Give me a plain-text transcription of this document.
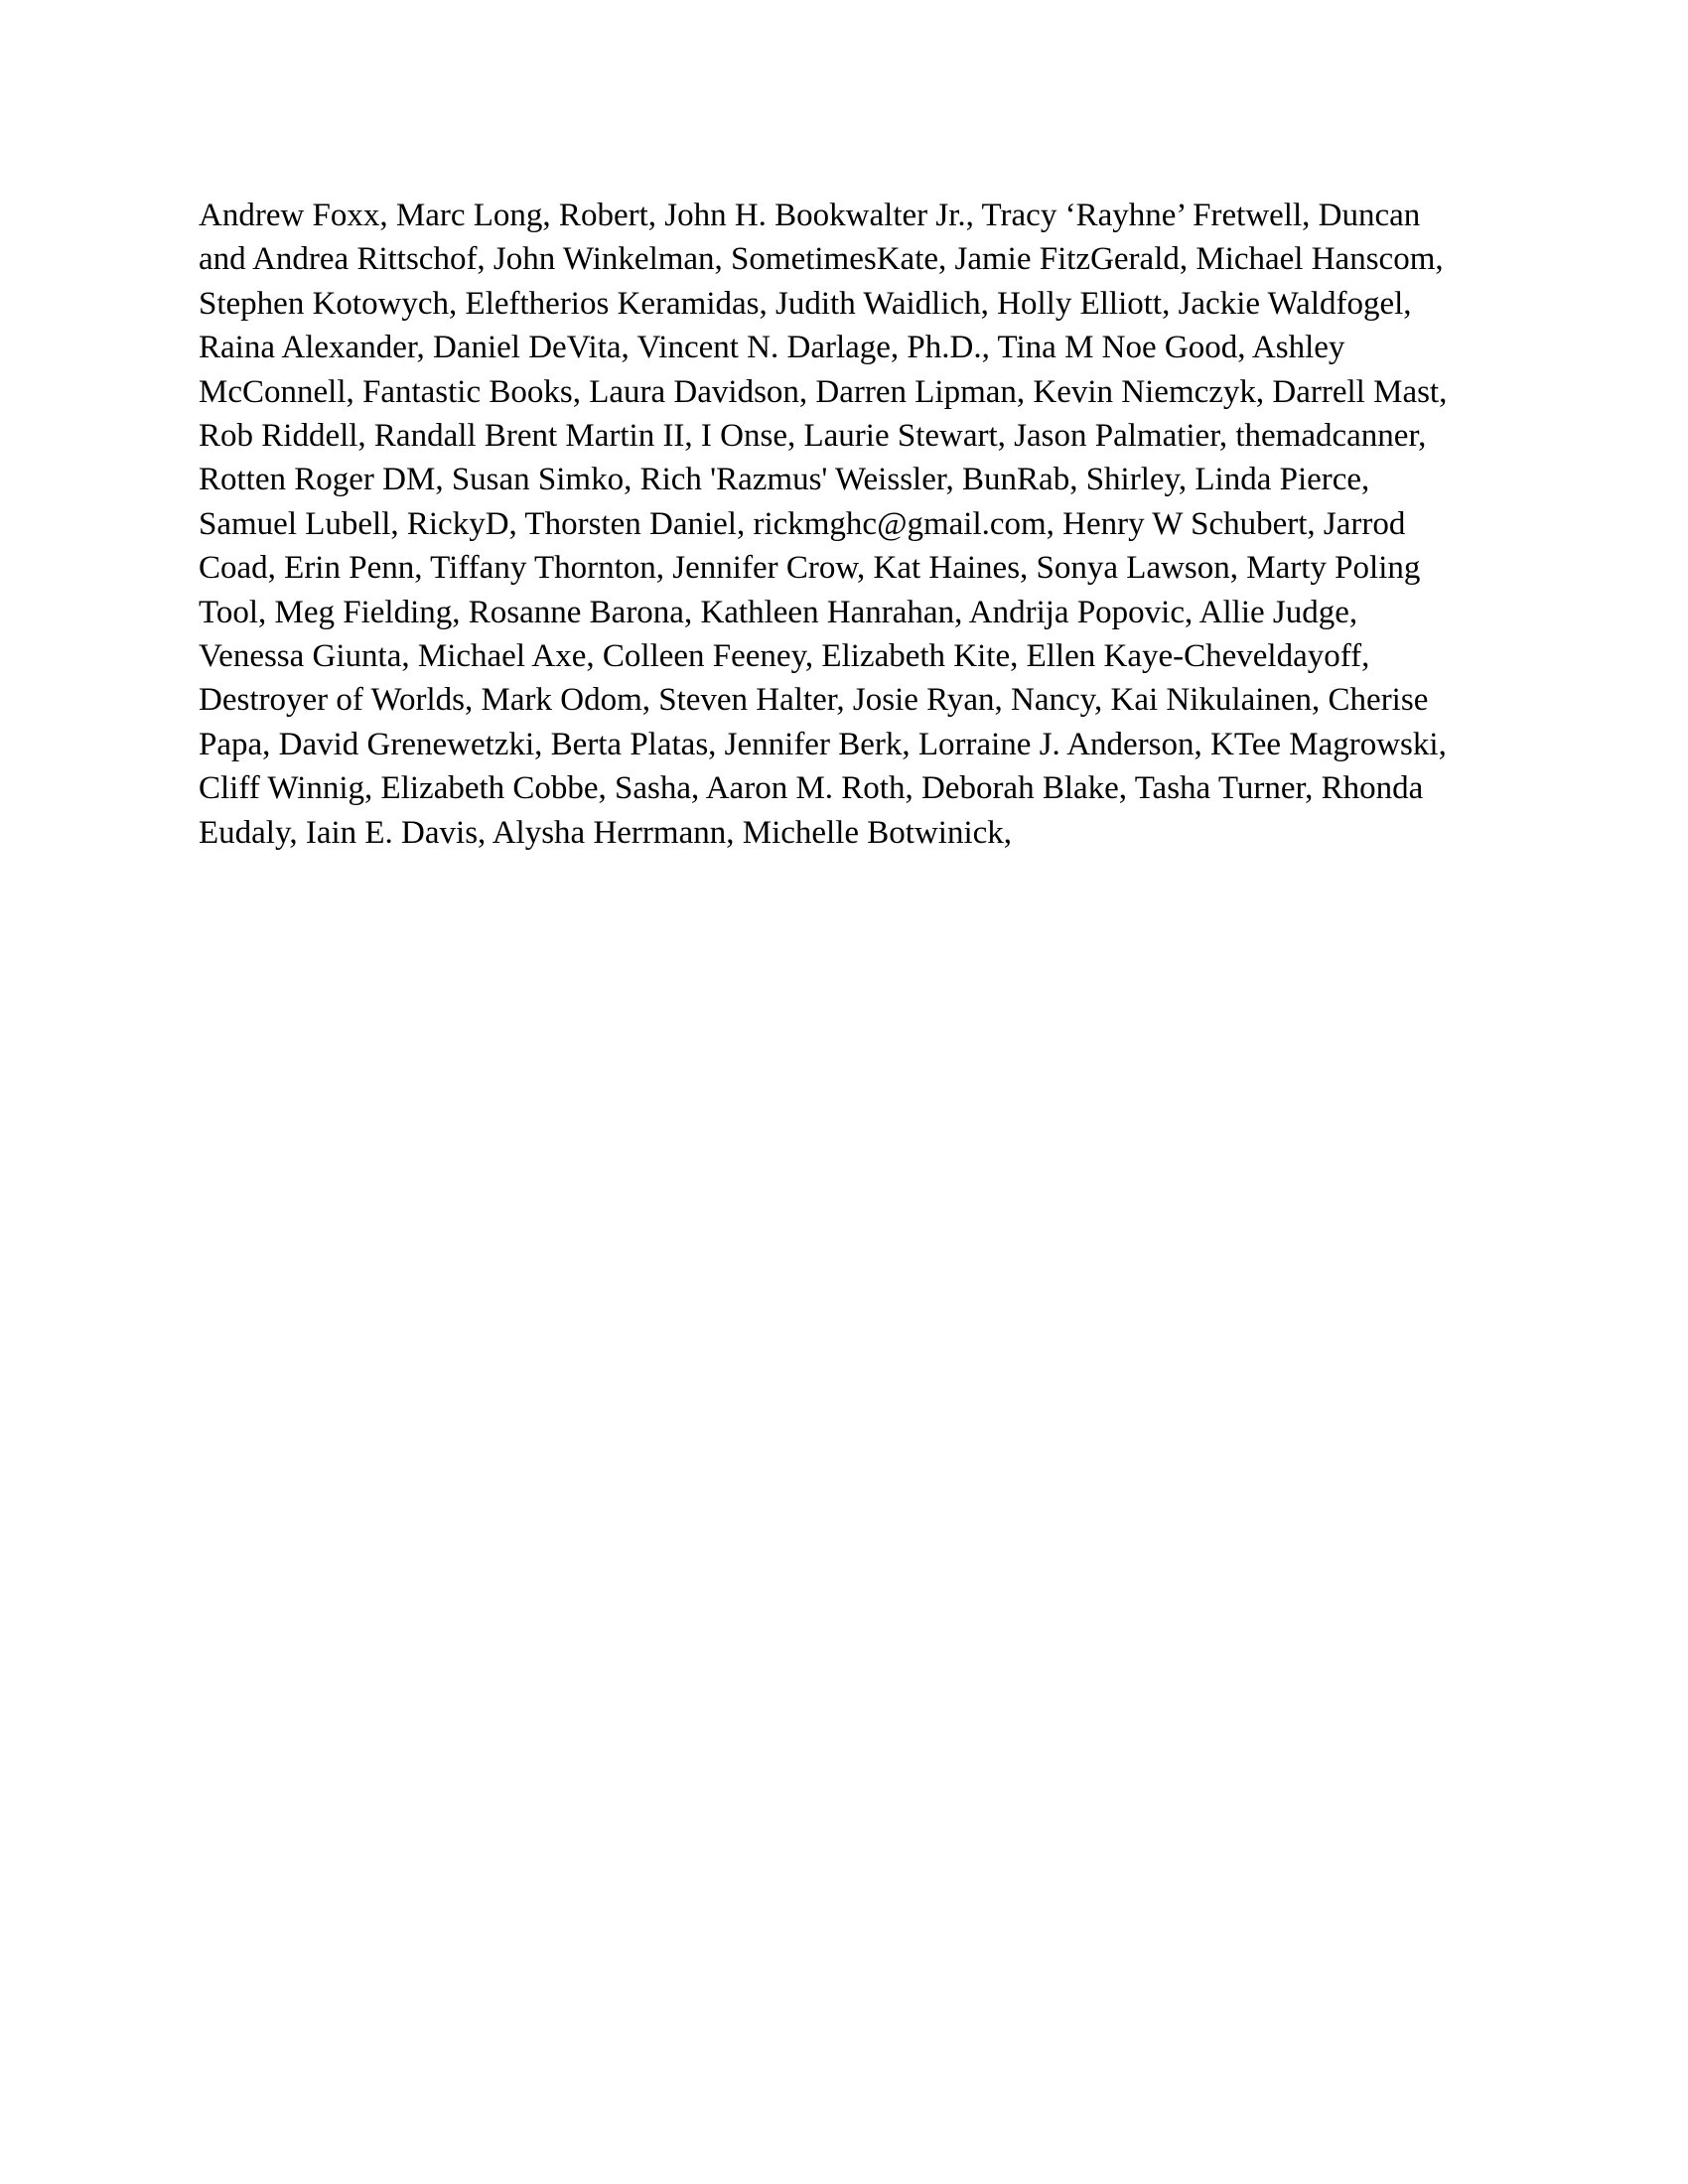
Andrew Foxx, Marc Long, Robert, John H. Bookwalter Jr., Tracy ‘Rayhne’ Fretwell, Duncan
and Andrea Rittschof, John Winkelman, SometimesKate, Jamie FitzGerald, Michael Hanscom,
Stephen Kotowych, Eleftherios Keramidas, Judith Waidlich, Holly Elliott, Jackie Waldfogel,
Raina Alexander, Daniel DeVita, Vincent N. Darlage, Ph.D., Tina M Noe Good, Ashley
McConnell, Fantastic Books, Laura Davidson, Darren Lipman, Kevin Niemczyk, Darrell Mast,
Rob Riddell, Randall Brent Martin II, I Onse, Laurie Stewart, Jason Palmatier, themadcanner,
Rotten Roger DM, Susan Simko, Rich 'Razmus' Weissler, BunRab, Shirley, Linda Pierce,
Samuel Lubell, RickyD, Thorsten Daniel, rickmghc@gmail.com, Henry W Schubert, Jarrod
Coad, Erin Penn, Tiffany Thornton, Jennifer Crow, Kat Haines, Sonya Lawson, Marty Poling
Tool, Meg Fielding, Rosanne Barona, Kathleen Hanrahan, Andrija Popovic, Allie Judge,
Venessa Giunta, Michael Axe, Colleen Feeney, Elizabeth Kite, Ellen Kaye-Cheveldayoff,
Destroyer of Worlds, Mark Odom, Steven Halter, Josie Ryan, Nancy, Kai Nikulainen, Cherise
Papa, David Grenewetzki, Berta Platas, Jennifer Berk, Lorraine J. Anderson, KTee Magrowski,
Cliff Winnig, Elizabeth Cobbe, Sasha, Aaron M. Roth, Deborah Blake, Tasha Turner, Rhonda
Eudaly, Iain E. Davis, Alysha Herrmann, Michelle Botwinick,
